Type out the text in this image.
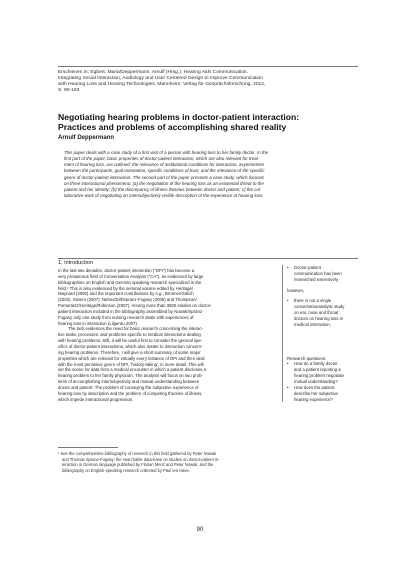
Erschienen in: Egbert, Maria/Deppermann, Arnulf (Hrsg.): Hearing Aids Communication.
Integrating Social Interaction, Audiology and User Centered Design to Improve Communication
with Hearing Loss and Hearing Technologies. Mannheim: Verlag für Gesprächsforschung, 2012,
S. 90-103
Negotiating hearing problems in doctor-patient interaction:
Practices and problems of accomplishing shared reality
Arnulf Deppermann
This paper deals with a case study of a first visit of a person with hearing loss to her family doctor. In the
first part of the paper, basic properties of doctor-patient interaction, which are also relevant for treat-
ment of hearing loss, are outlined: the relevance of institutional conditions for interaction, asymmetries
between the participants, goal-orientation, specific conditions of trust, and the relevance of the specific
genre of doctor-patient interaction. The second part of the paper presents a case study, which focuses
on three interactional phenomena: (a) the negotiation of the hearing loss as an existential threat to the
patient and her identity; (b) the discrepancy of illness theories between doctor and patient; c) the col-
laborative work of negotiating an intersubjectively visible description of the experience of hearing loss.
1. Introduction
In the last two decades, doctor-patient interaction ("DPI") has become a
very prosperous field of Conversation Analysis ("CA"), as evidenced by large
bibliographies on English and German speaking research specialized in the
field.¹ This is also evidenced by the seminal volume edited by Heritage/
Maynard (2006) and the important contributions by e.g., Brünner/Gülich
(2002), Stivers (2007); Nebes/Dilt/Spranz-Fogasy (2005) and Thompson/
Pomerantz/Heritage/Robinson (2007). Among more than 3500 studies on doctor-
patient interaction included in the bibliography assembled by Nowak/Spranz-
Fogasy only one study from nursing research deals with experiences of
hearing loss in interaction (Lilgerau 2007).
The lack evidences the need for basic research concerning the interac-
tive tasks, processes, and problems specific to medical interactions dealing
with hearing problems. Still, it will be useful first to consider the general spe-
cifics of doctor-patient interactions, which also matter to interaction concern-
ing hearing problems. Therefore, I will give a short summary of some major
properties which are relevant for virtually every instance of DPI and then deal
with the most pervasive genre of DPI, 'history-taking', in more detail. This will
set the scene for data from a medical encounter in which a patient discloses a
hearing problem to her family physician. The analysis will focus on two prob-
lems of accomplishing intersubjectivity and mutual understanding between
doctor and patient: The problem of conveying the subjective experience of
hearing loss by description and the problem of competing theories of illness,
which impede interactional progression.
• Doctor-patient
communication has been
researched extensively,
however,
• there is not a single
conversationanalytic study
on ear, nose and throat
doctors on hearing loss in
medical interaction.
Research questions:
• How do a family doctor
and a patient reporting a
hearing problem negotiate
mutual understanding?
• How does the patient
describe her subjective
hearing experience?
¹ See the comprehensive bibliography of research in this field gathered by Peter Nowak
and Thomas Spranz-Fogasy; the searchable data-base on studies on doctor-patient in-
teraction in German language published by Florian Menz and Peter Nowak, and the
bibliography on English-speaking research collected by Paul ten Have.
90
